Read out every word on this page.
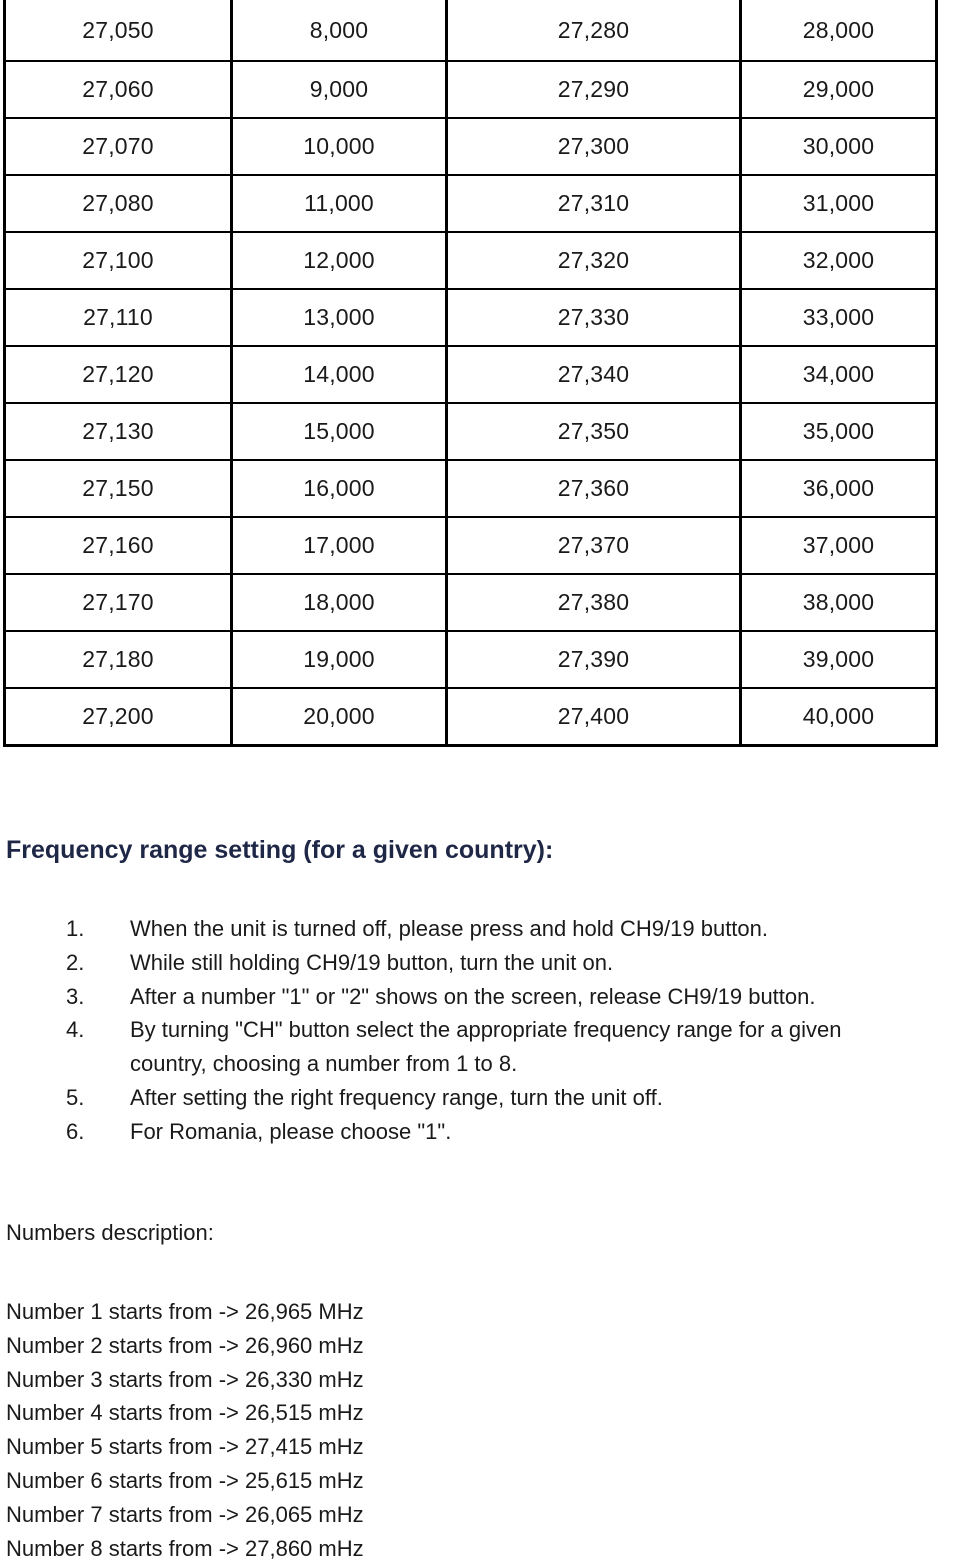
27,050	8,000	27,280	28,000
27,060	9,000	27,290	29,000
27,070	10,000	27,300	30,000
27,080	11,000	27,310	31,000
27,100	12,000	27,320	32,000
27,110	13,000	27,330	33,000
27,120	14,000	27,340	34,000
27,130	15,000	27,350	35,000
27,150	16,000	27,360	36,000
27,160	17,000	27,370	37,000
27,170	18,000	27,380	38,000
27,180	19,000	27,390	39,000
27,200	20,000	27,400	40,000
Frequency range setting (for a given country):
1. When the unit is turned off, please press and hold CH9/19 button.
2. While still holding CH9/19 button, turn the unit on.
3. After a number "1" or "2" shows on the screen, release CH9/19 button.
4. By turning "CH" button select the appropriate frequency range for a given
country, choosing a number from 1 to 8.
5. After setting the right frequency range, turn the unit off.
6. For Romania, please choose "1".

Numbers description:

Number 1 starts from -> 26,965 MHz
Number 2 starts from -> 26,960 mHz
Number 3 starts from -> 26,330 mHz
Number 4 starts from -> 26,515 mHz
Number 5 starts from -> 27,415 mHz
Number 6 starts from -> 25,615 mHz
Number 7 starts from -> 26,065 mHz
Number 8 starts from -> 27,860 mHz
